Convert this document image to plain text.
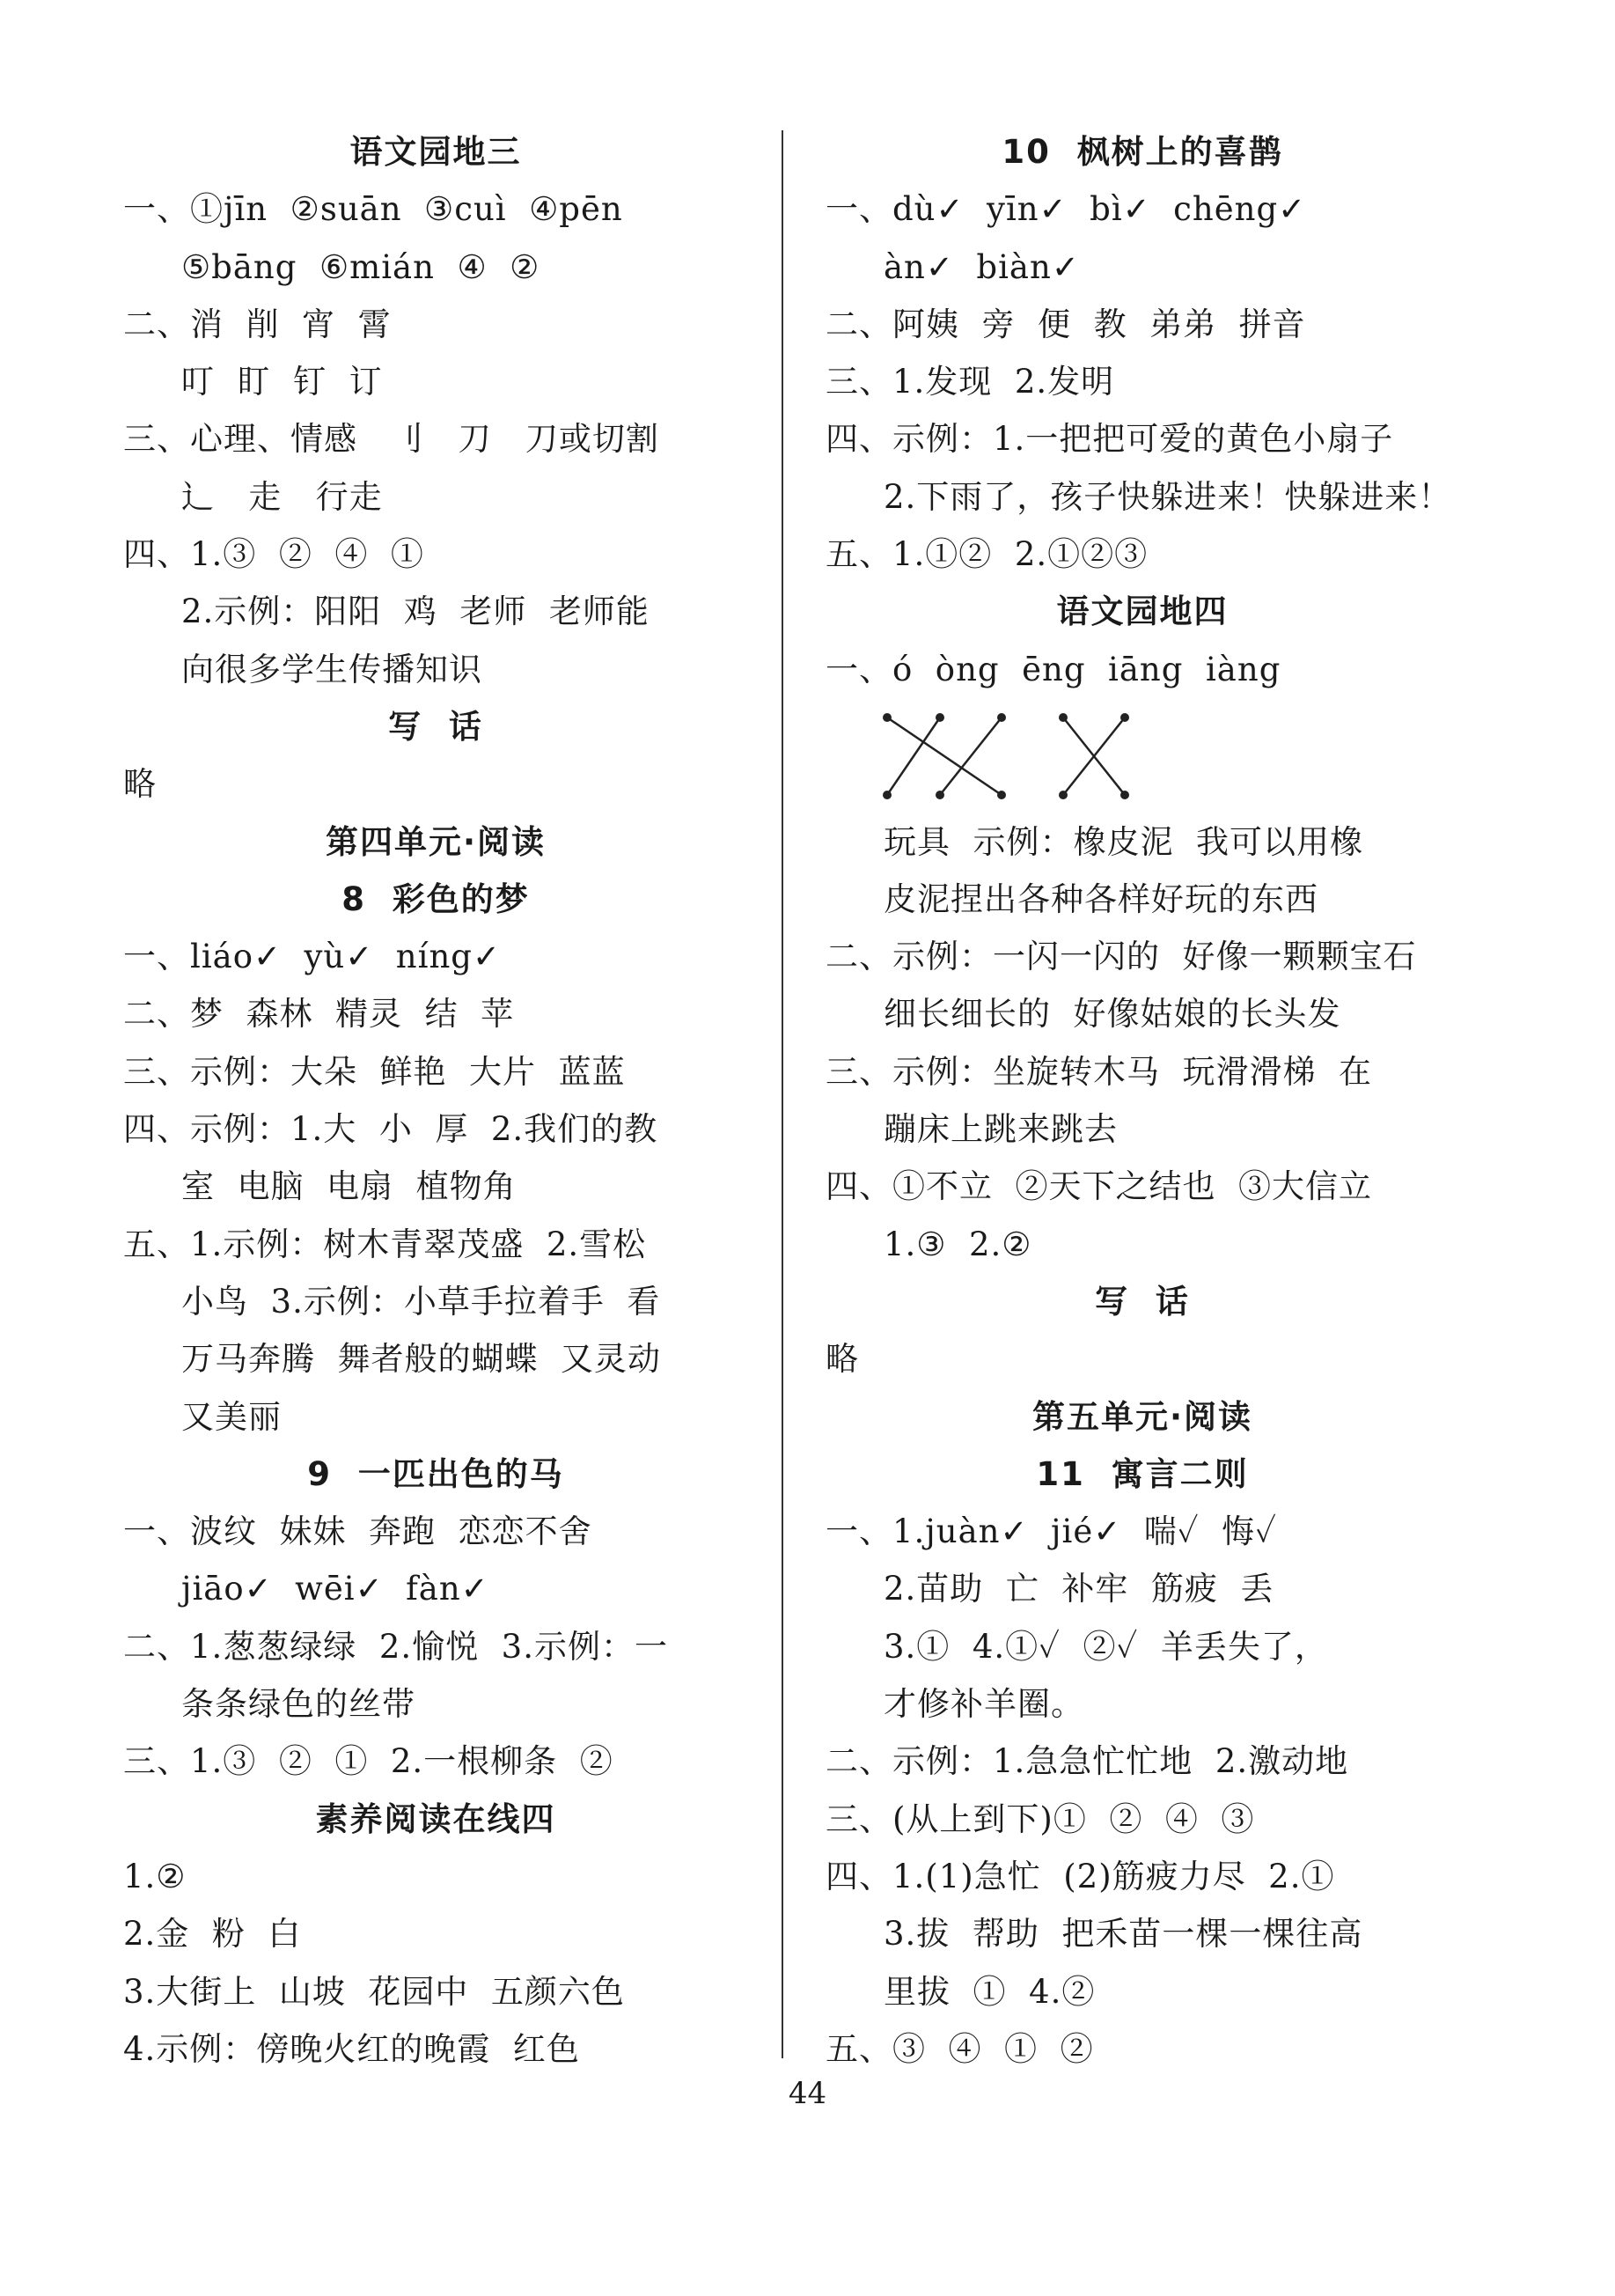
语文园地三
一、①jīn  ②suān  ③cuì  ④pēn
⑤bāng  ⑥mián  ④  ②
二、消  削  宵  霄
叮  盯  钉  订
三、心理、情感   刂   刀   刀或切割
辶   走   行走
四、1.③  ②  ④  ①
2.示例：阳阳  鸡  老师  老师能
向很多学生传播知识
写  话
略
第四单元·阅读
8  彩色的梦
一、liáo✓  yù✓  níng✓
二、梦  森林  精灵  结  苹
三、示例：大朵  鲜艳  大片  蓝蓝
四、示例：1.大  小  厚  2.我们的教
室  电脑  电扇  植物角
五、1.示例：树木青翠茂盛  2.雪松
小鸟  3.示例：小草手拉着手  看
万马奔腾  舞者般的蝴蝶  又灵动
又美丽
9  一匹出色的马
一、波纹  妹妹  奔跑  恋恋不舍
jiāo✓  wēi✓  fàn✓
二、1.葱葱绿绿  2.愉悦  3.示例：一
条条绿色的丝带
三、1.③  ②  ①  2.一根柳条  ②
素养阅读在线四
1.②
2.金  粉  白
3.大街上  山坡  花园中  五颜六色
4.示例：傍晚火红的晚霞  红色
10  枫树上的喜鹊
一、dù✓  yīn✓  bì✓  chēng✓
àn✓  biàn✓
二、阿姨  旁  便  教  弟弟  拼音
三、1.发现  2.发明
四、示例：1.一把把可爱的黄色小扇子
2.下雨了，孩子快躲进来！快躲进来！
五、1.①②  2.①②③
语文园地四
一、ó  òng  ēng  iāng  iàng
玩具  示例：橡皮泥  我可以用橡
皮泥捏出各种各样好玩的东西
二、示例：一闪一闪的  好像一颗颗宝石
细长细长的  好像姑娘的长头发
三、示例：坐旋转木马  玩滑滑梯  在
蹦床上跳来跳去
四、①不立  ②天下之结也  ③大信立
1.③  2.②
写  话
略
第五单元·阅读
11  寓言二则
一、1.juàn✓  jié✓  喘✓  悔✓
2.苗助  亡  补牢  筋疲  丢
3.①  4.①✓  ②✓  羊丢失了，
才修补羊圈。
二、示例：1.急急忙忙地  2.激动地
三、(从上到下)①  ②  ④  ③
四、1.(1)急忙  (2)筋疲力尽  2.①
3.拔  帮助  把禾苗一棵一棵往高
里拔  ①  4.②
五、③  ④  ①  ②
44
